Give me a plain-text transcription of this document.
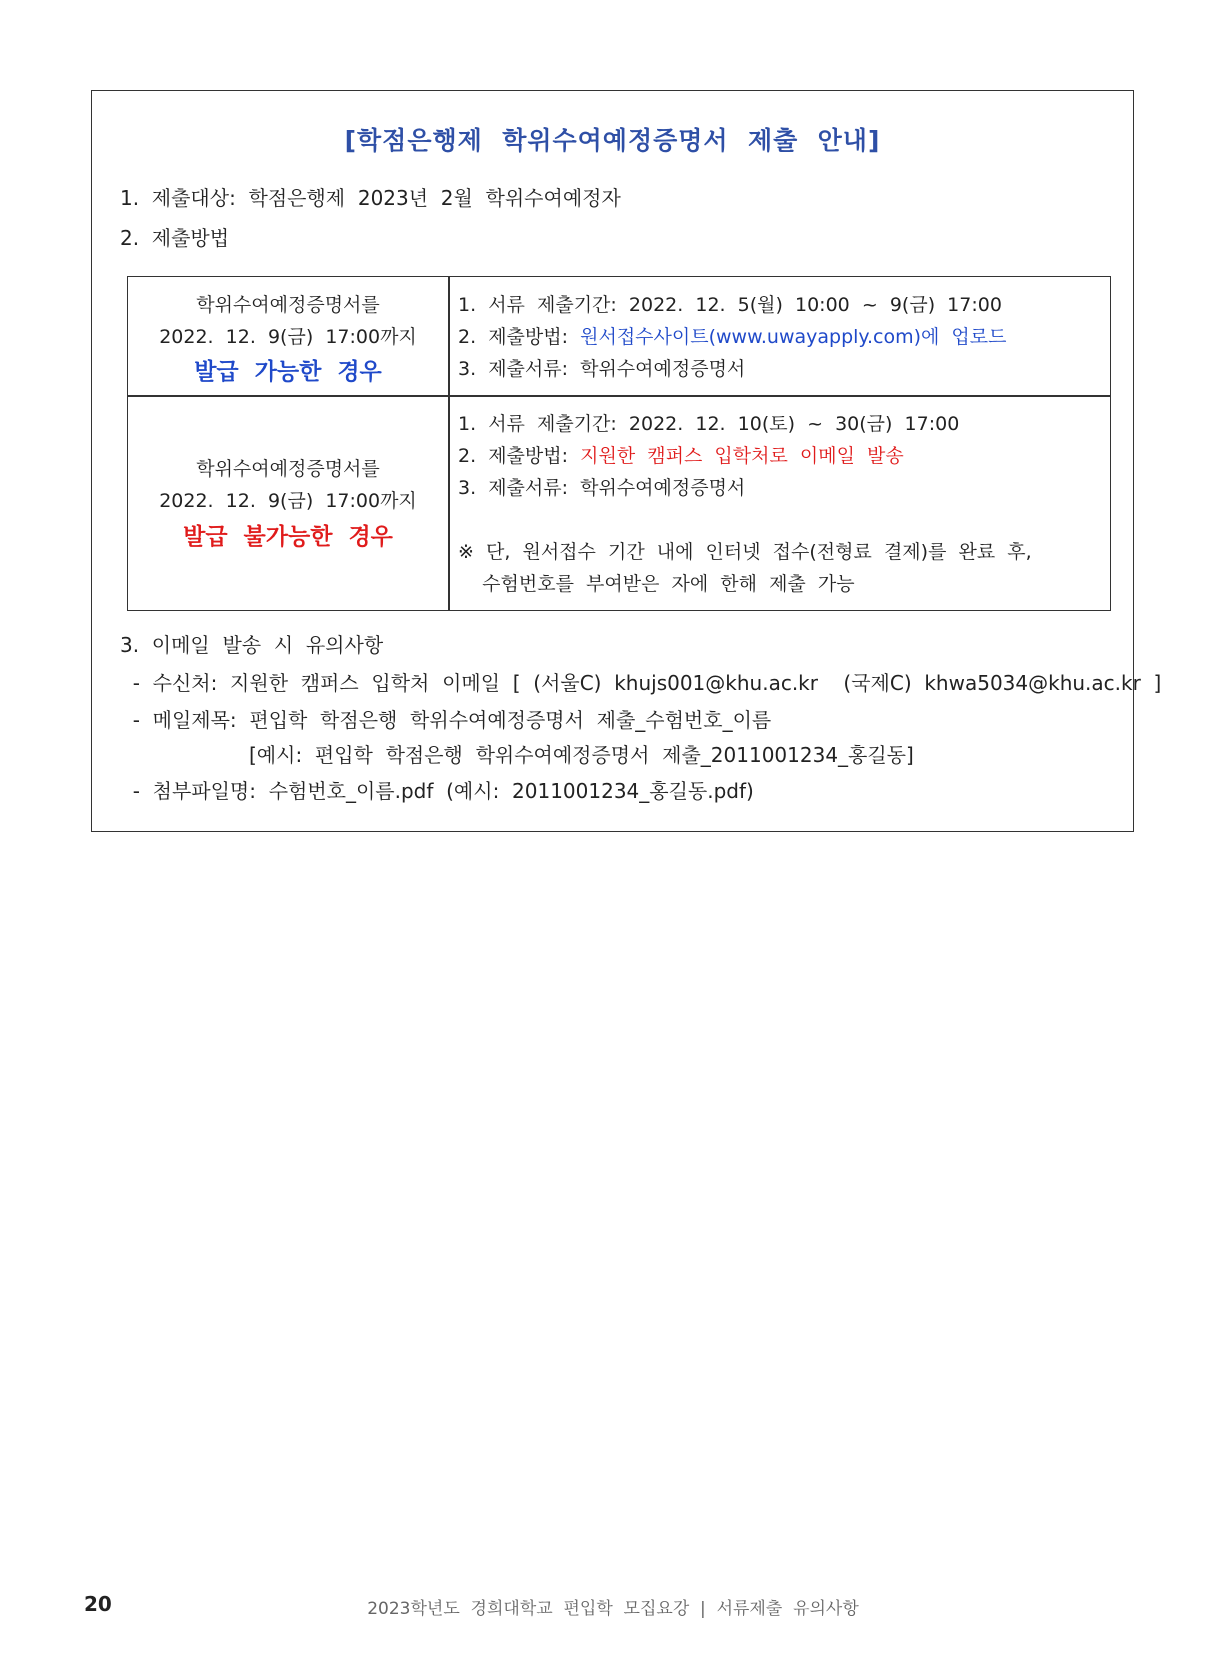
[학점은행제  학위수여예정증명서  제출  안내]
1.  제출대상:  학점은행제  2023년  2월  학위수여예정자
2.  제출방법
학위수여예정증명서를
2022.  12.  9(금)  17:00까지
발급  가능한  경우
1.  서류  제출기간:  2022.  12.  5(월)  10:00  ~  9(금)  17:00
2.  제출방법:  원서접수사이트(www.uwayapply.com)에  업로드
3.  제출서류:  학위수여예정증명서
학위수여예정증명서를
2022.  12.  9(금)  17:00까지
발급  불가능한  경우
1.  서류  제출기간:  2022.  12.  10(토)  ~  30(금)  17:00
2.  제출방법:  지원한  캠퍼스  입학처로  이메일  발송
3.  제출서류:  학위수여예정증명서
※  단,  원서접수  기간  내에  인터넷  접수(전형료  결제)를  완료  후,
수험번호를  부여받은  자에  한해  제출  가능
3.  이메일  발송  시  유의사항
-  수신처:  지원한  캠퍼스  입학처  이메일  [  (서울C)  khujs001@khu.ac.kr    (국제C)  khwa5034@khu.ac.kr  ]
-  메일제목:  편입학  학점은행  학위수여예정증명서  제출_수험번호_이름
[예시:  편입학  학점은행  학위수여예정증명서  제출_2011001234_홍길동]
-  첨부파일명:  수험번호_이름.pdf  (예시:  2011001234_홍길동.pdf)
20	2023학년도  경희대학교  편입학  모집요강  |  서류제출  유의사항
